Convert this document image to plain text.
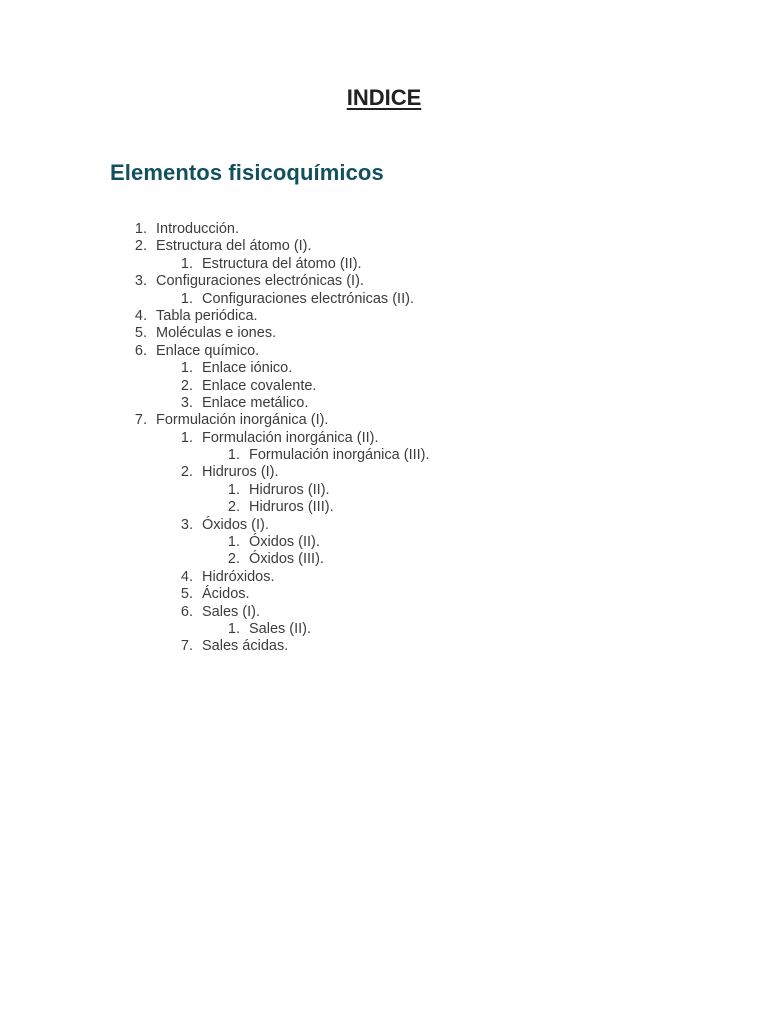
INDICE
Elementos fisicoquímicos
1. Introducción.
2. Estructura del átomo (I).
1. Estructura del átomo (II).
3. Configuraciones electrónicas (I).
1. Configuraciones electrónicas (II).
4. Tabla periódica.
5. Moléculas e iones.
6. Enlace químico.
1. Enlace iónico.
2. Enlace covalente.
3. Enlace metálico.
7. Formulación inorgánica (I).
1. Formulación inorgánica (II).
1. Formulación inorgánica (III).
2. Hidruros (I).
1. Hidruros (II).
2. Hidruros (III).
3. Óxidos (I).
1. Óxidos (II).
2. Óxidos (III).
4. Hidróxidos.
5. Ácidos.
6. Sales (I).
1. Sales (II).
7. Sales ácidas.
